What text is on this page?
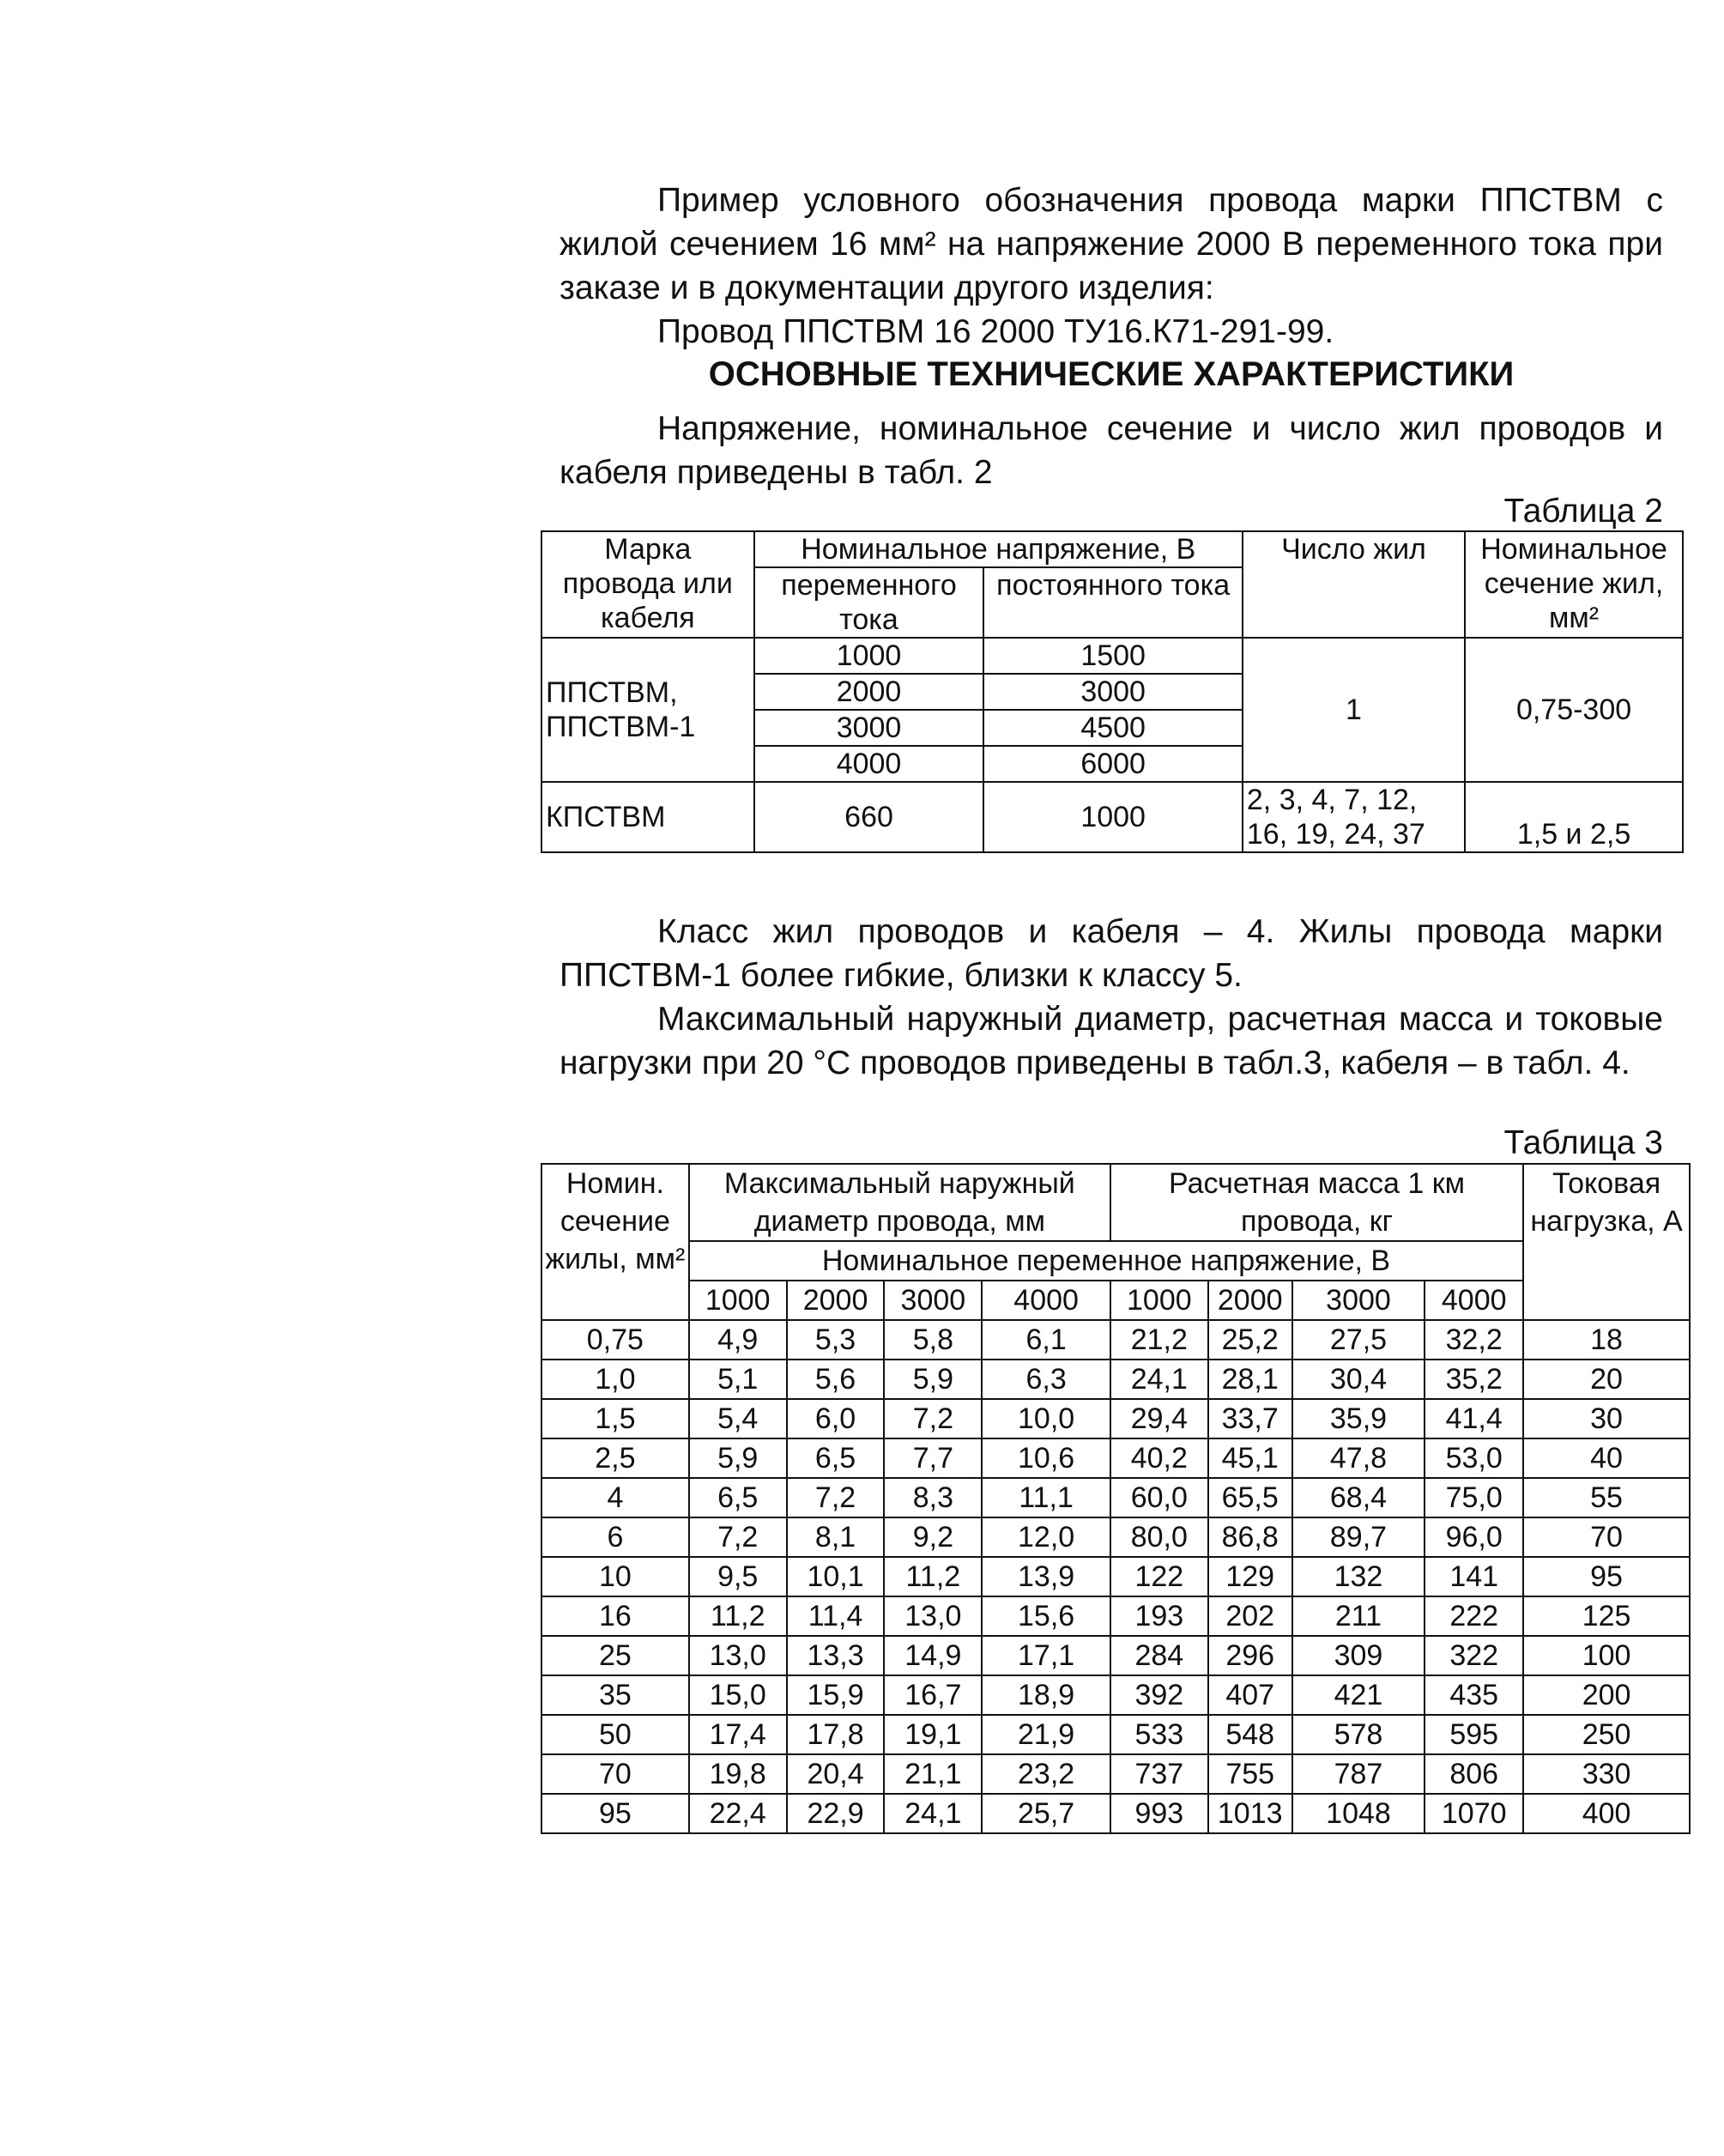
Пример условного обозначения провода марки ППСТВМ с жилой сечением 16 мм² на напряжение 2000 В переменного тока при заказе и в документации другого изделия:

Провод ППСТВМ 16 2000 ТУ16.К71-291-99.

ОСНОВНЫЕ ТЕХНИЧЕСКИЕ ХАРАКТЕРИСТИКИ

Напряжение, номинальное сечение и число жил проводов и кабеля приведены в табл. 2

Таблица 2

Марка провода или кабеля	Номинальное напряжение, В		Число жил	Номинальное сечение жил, мм²
	переменного тока	постоянного тока		
ППСТВМ, ППСТВМ-1	1000	1500	1	0,75-300
	2000	3000		
	3000	4500		
	4000	6000		
КПСТВМ	660	1000	2, 3, 4, 7, 12, 16, 19, 24, 37	1,5 и 2,5

Класс жил проводов и кабеля – 4. Жилы провода марки ППСТВМ-1 более гибкие, близки к классу 5.

Максимальный наружный диаметр, расчетная масса и токовые нагрузки при 20 °С проводов приведены в табл.3, кабеля – в табл. 4.

Таблица 3

Номин. сечение жилы, мм²	Максимальный наружный диаметр провода, мм				Расчетная масса 1 км провода, кг				Токовая нагрузка, А
	Номинальное переменное напряжение, В								
	1000	2000	3000	4000	1000	2000	3000	4000	
0,75	4,9	5,3	5,8	6,1	21,2	25,2	27,5	32,2	18
1,0	5,1	5,6	5,9	6,3	24,1	28,1	30,4	35,2	20
1,5	5,4	6,0	7,2	10,0	29,4	33,7	35,9	41,4	30
2,5	5,9	6,5	7,7	10,6	40,2	45,1	47,8	53,0	40
4	6,5	7,2	8,3	11,1	60,0	65,5	68,4	75,0	55
6	7,2	8,1	9,2	12,0	80,0	86,8	89,7	96,0	70
10	9,5	10,1	11,2	13,9	122	129	132	141	95
16	11,2	11,4	13,0	15,6	193	202	211	222	125
25	13,0	13,3	14,9	17,1	284	296	309	322	100
35	15,0	15,9	16,7	18,9	392	407	421	435	200
50	17,4	17,8	19,1	21,9	533	548	578	595	250
70	19,8	20,4	21,1	23,2	737	755	787	806	330
95	22,4	22,9	24,1	25,7	993	1013	1048	1070	400
